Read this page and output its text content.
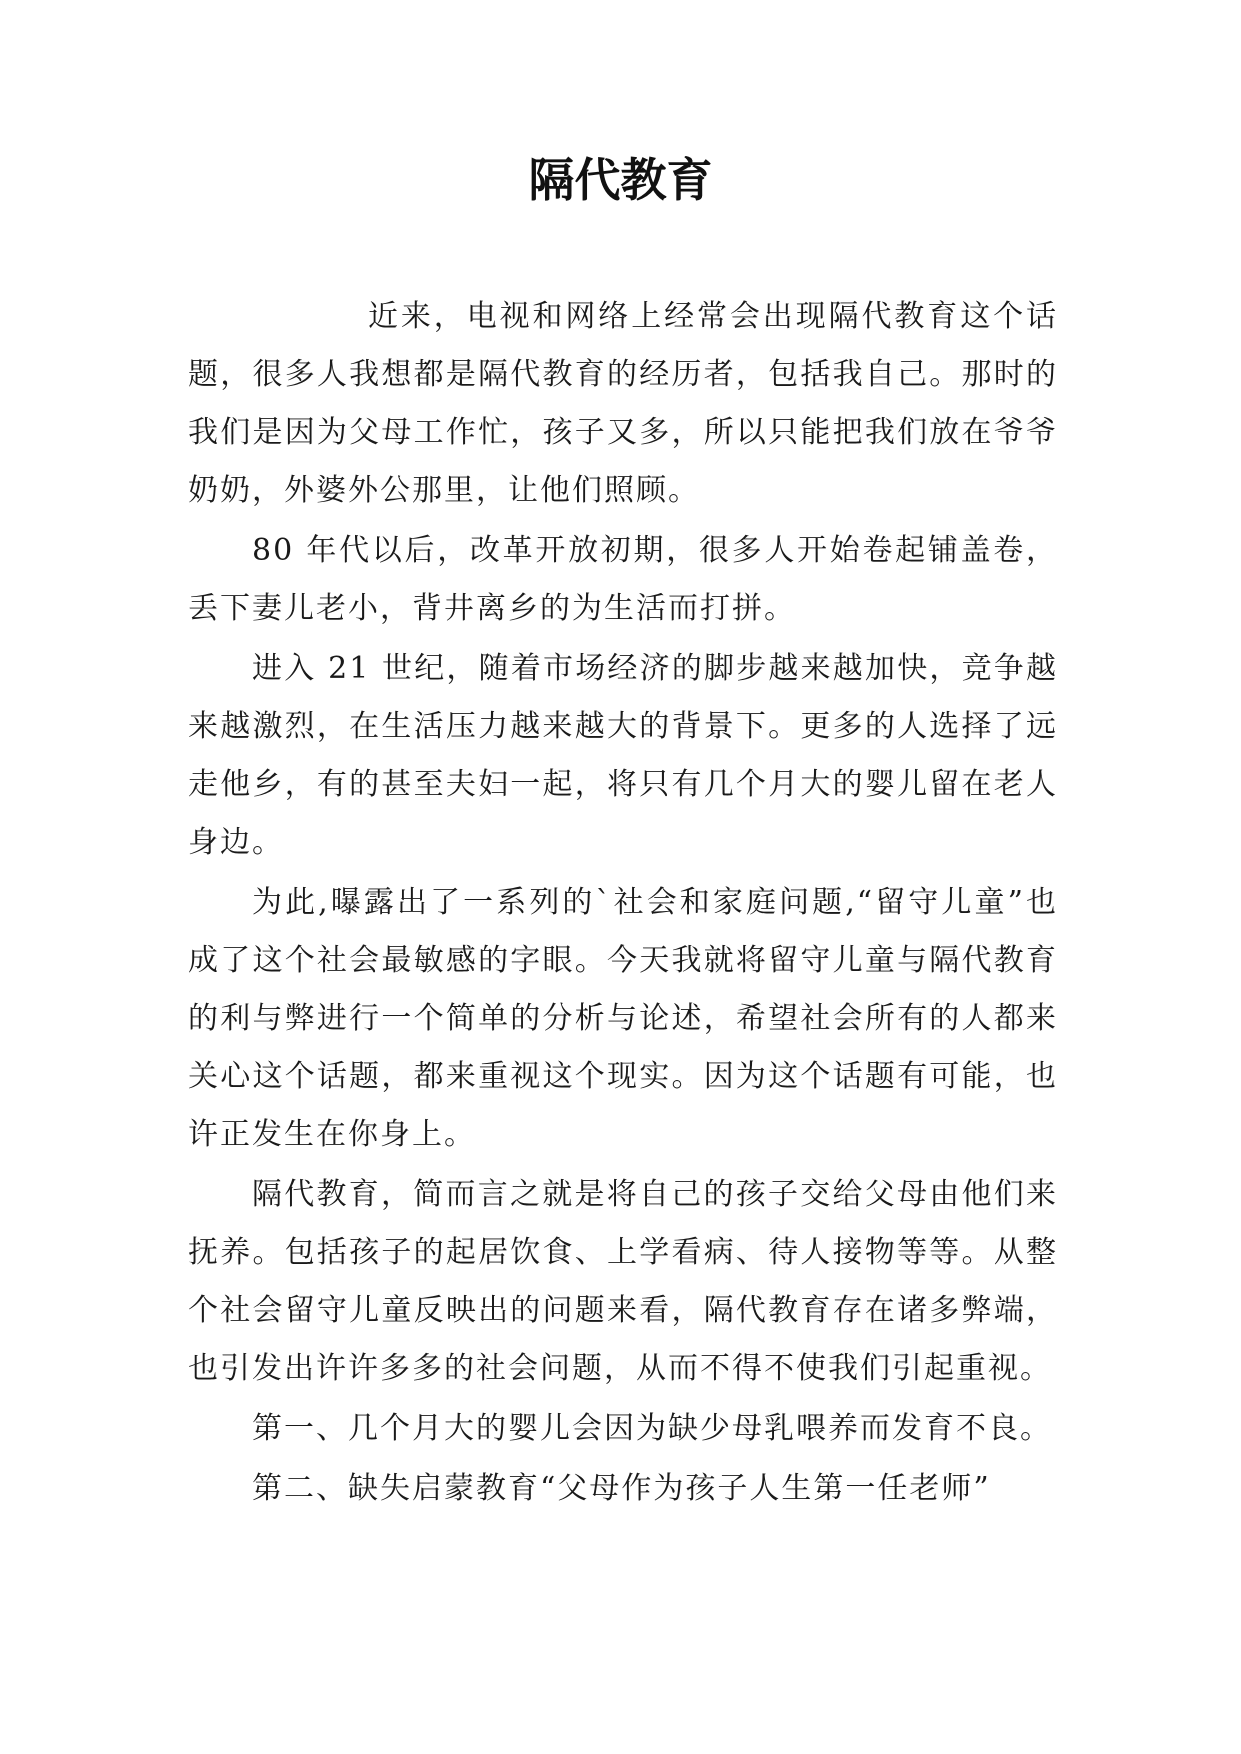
隔代教育

近来，电视和网络上经常会出现隔代教育这个话题，很多人我想都是隔代教育的经历者，包括我自己。那时的我们是因为父母工作忙，孩子又多，所以只能把我们放在爷爷奶奶，外婆外公那里，让他们照顾。

80 年代以后，改革开放初期，很多人开始卷起铺盖卷，丢下妻儿老小，背井离乡的为生活而打拼。

进入 21 世纪，随着市场经济的脚步越来越加快，竞争越来越激烈，在生活压力越来越大的背景下。更多的人选择了远走他乡，有的甚至夫妇一起，将只有几个月大的婴儿留在老人身边。

为此,曝露出了一系列的`社会和家庭问题,“留守儿童”也成了这个社会最敏感的字眼。今天我就将留守儿童与隔代教育的利与弊进行一个简单的分析与论述，希望社会所有的人都来关心这个话题，都来重视这个现实。因为这个话题有可能，也许正发生在你身上。

隔代教育，简而言之就是将自己的孩子交给父母由他们来抚养。包括孩子的起居饮食、上学看病、待人接物等等。从整个社会留守儿童反映出的问题来看，隔代教育存在诸多弊端，也引发出许许多多的社会问题，从而不得不使我们引起重视。

第一、几个月大的婴儿会因为缺少母乳喂养而发育不良。

第二、缺失启蒙教育“父母作为孩子人生第一任老师”
